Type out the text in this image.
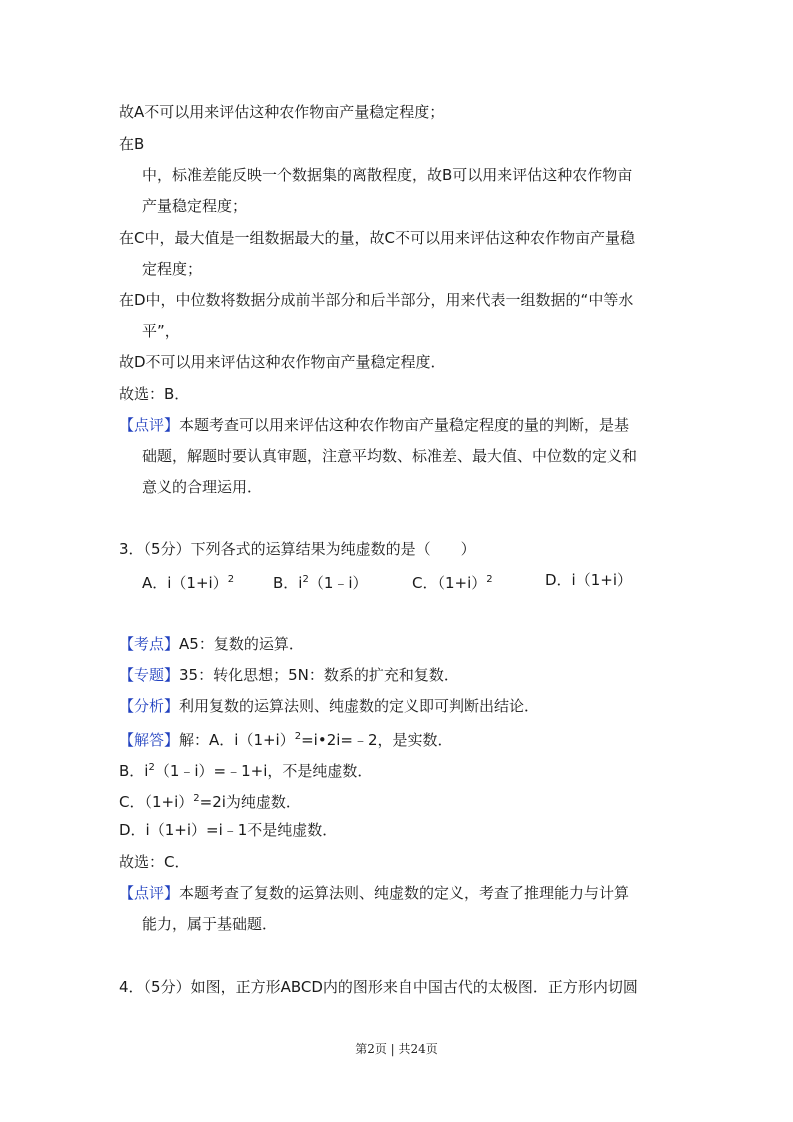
故A不可以用来评估这种农作物亩产量稳定程度；
在B
中，标准差能反映一个数据集的离散程度，故B可以用来评估这种农作物亩
产量稳定程度；
在C中，最大值是一组数据最大的量，故C不可以用来评估这种农作物亩产量稳
定程度；
在D中，中位数将数据分成前半部分和后半部分，用来代表一组数据的“中等水
平”，
故D不可以用来评估这种农作物亩产量稳定程度．
故选：B．
【点评】本题考查可以用来评估这种农作物亩产量稳定程度的量的判断，是基
础题，解题时要认真审题，注意平均数、标准差、最大值、中位数的定义和
意义的合理运用．
3．（5分）下列各式的运算结果为纯虚数的是（　　）
A．$i(1+i)^2$	B．$i^2(1﹣i)$	C．$(1+i)^2$	D．i（1+i）
【考点】A5：复数的运算．
【专题】35：转化思想；5N：数系的扩充和复数．
【分析】利用复数的运算法则、纯虚数的定义即可判断出结论．
【解答】解：A．$i(1+i)^2=i•2i=﹣2$，是实数．
B．$i^2(1﹣i)=﹣1+i$，不是纯虚数．
C．$(1+i)^2=2i$为纯虚数．
D．i（1+i）=i﹣1不是纯虚数．
故选：C．
【点评】本题考查了复数的运算法则、纯虚数的定义，考查了推理能力与计算
能力，属于基础题．
4．（5分）如图，正方形ABCD内的图形来自中国古代的太极图．正方形内切圆
第2页 | 共24页
